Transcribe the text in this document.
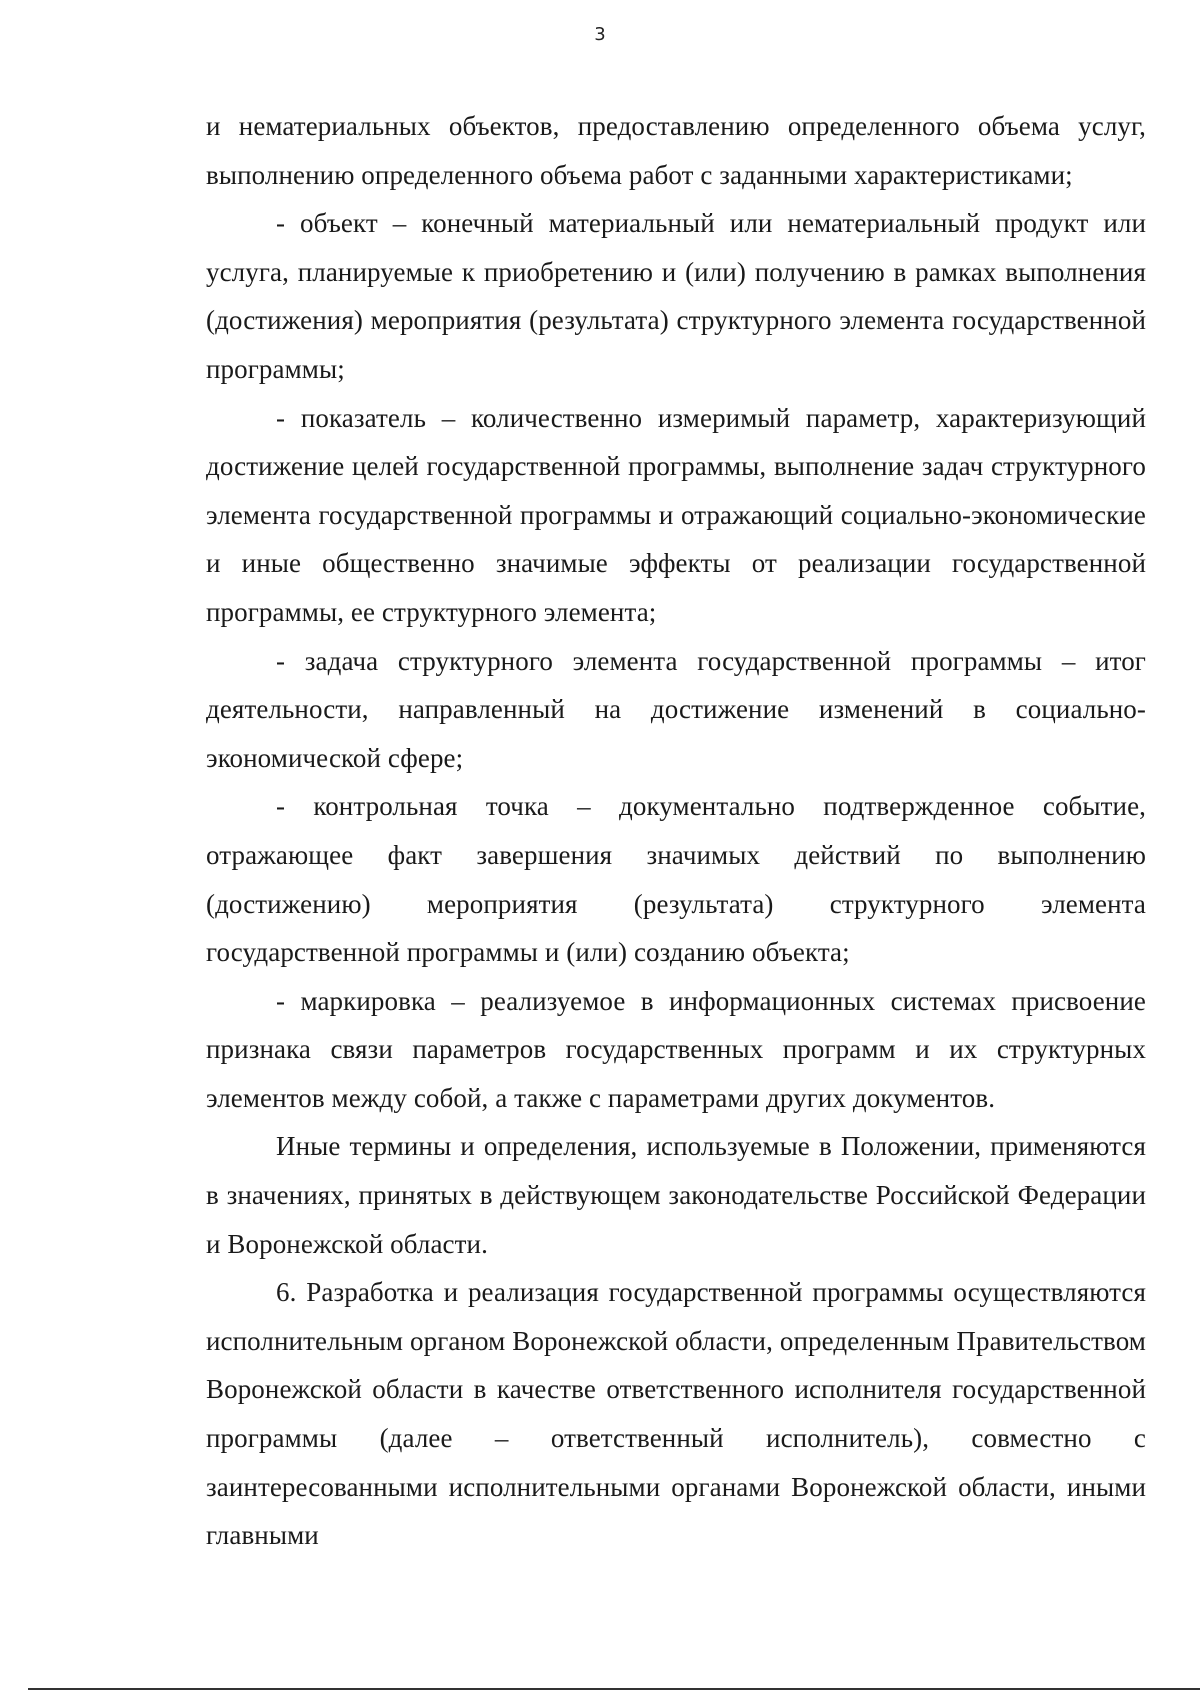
3

и нематериальных объектов, предоставлению определенного объема услуг, выполнению определенного объема работ с заданными характеристиками;

- объект – конечный материальный или нематериальный продукт или услуга, планируемые к приобретению и (или) получению в рамках выполнения (достижения) мероприятия (результата) структурного элемента государственной программы;

- показатель – количественно измеримый параметр, характеризующий достижение целей государственной программы, выполнение задач структурного элемента государственной программы и отражающий социально-экономические и иные общественно значимые эффекты от реализации государственной программы, ее структурного элемента;

- задача структурного элемента государственной программы – итог деятельности, направленный на достижение изменений в социально-экономической сфере;

- контрольная точка – документально подтвержденное событие, отражающее факт завершения значимых действий по выполнению (достижению) мероприятия (результата) структурного элемента государственной программы и (или) созданию объекта;

- маркировка – реализуемое в информационных системах присвоение признака связи параметров государственных программ и их структурных элементов между собой, а также с параметрами других документов.

Иные термины и определения, используемые в Положении, применяются в значениях, принятых в действующем законодательстве Российской Федерации и Воронежской области.

6. Разработка и реализация государственной программы осуществляются исполнительным органом Воронежской области, определенным Правительством Воронежской области в качестве ответственного исполнителя государственной программы (далее – ответственный исполнитель), совместно с заинтересованными исполнительными органами Воронежской области, иными главными
